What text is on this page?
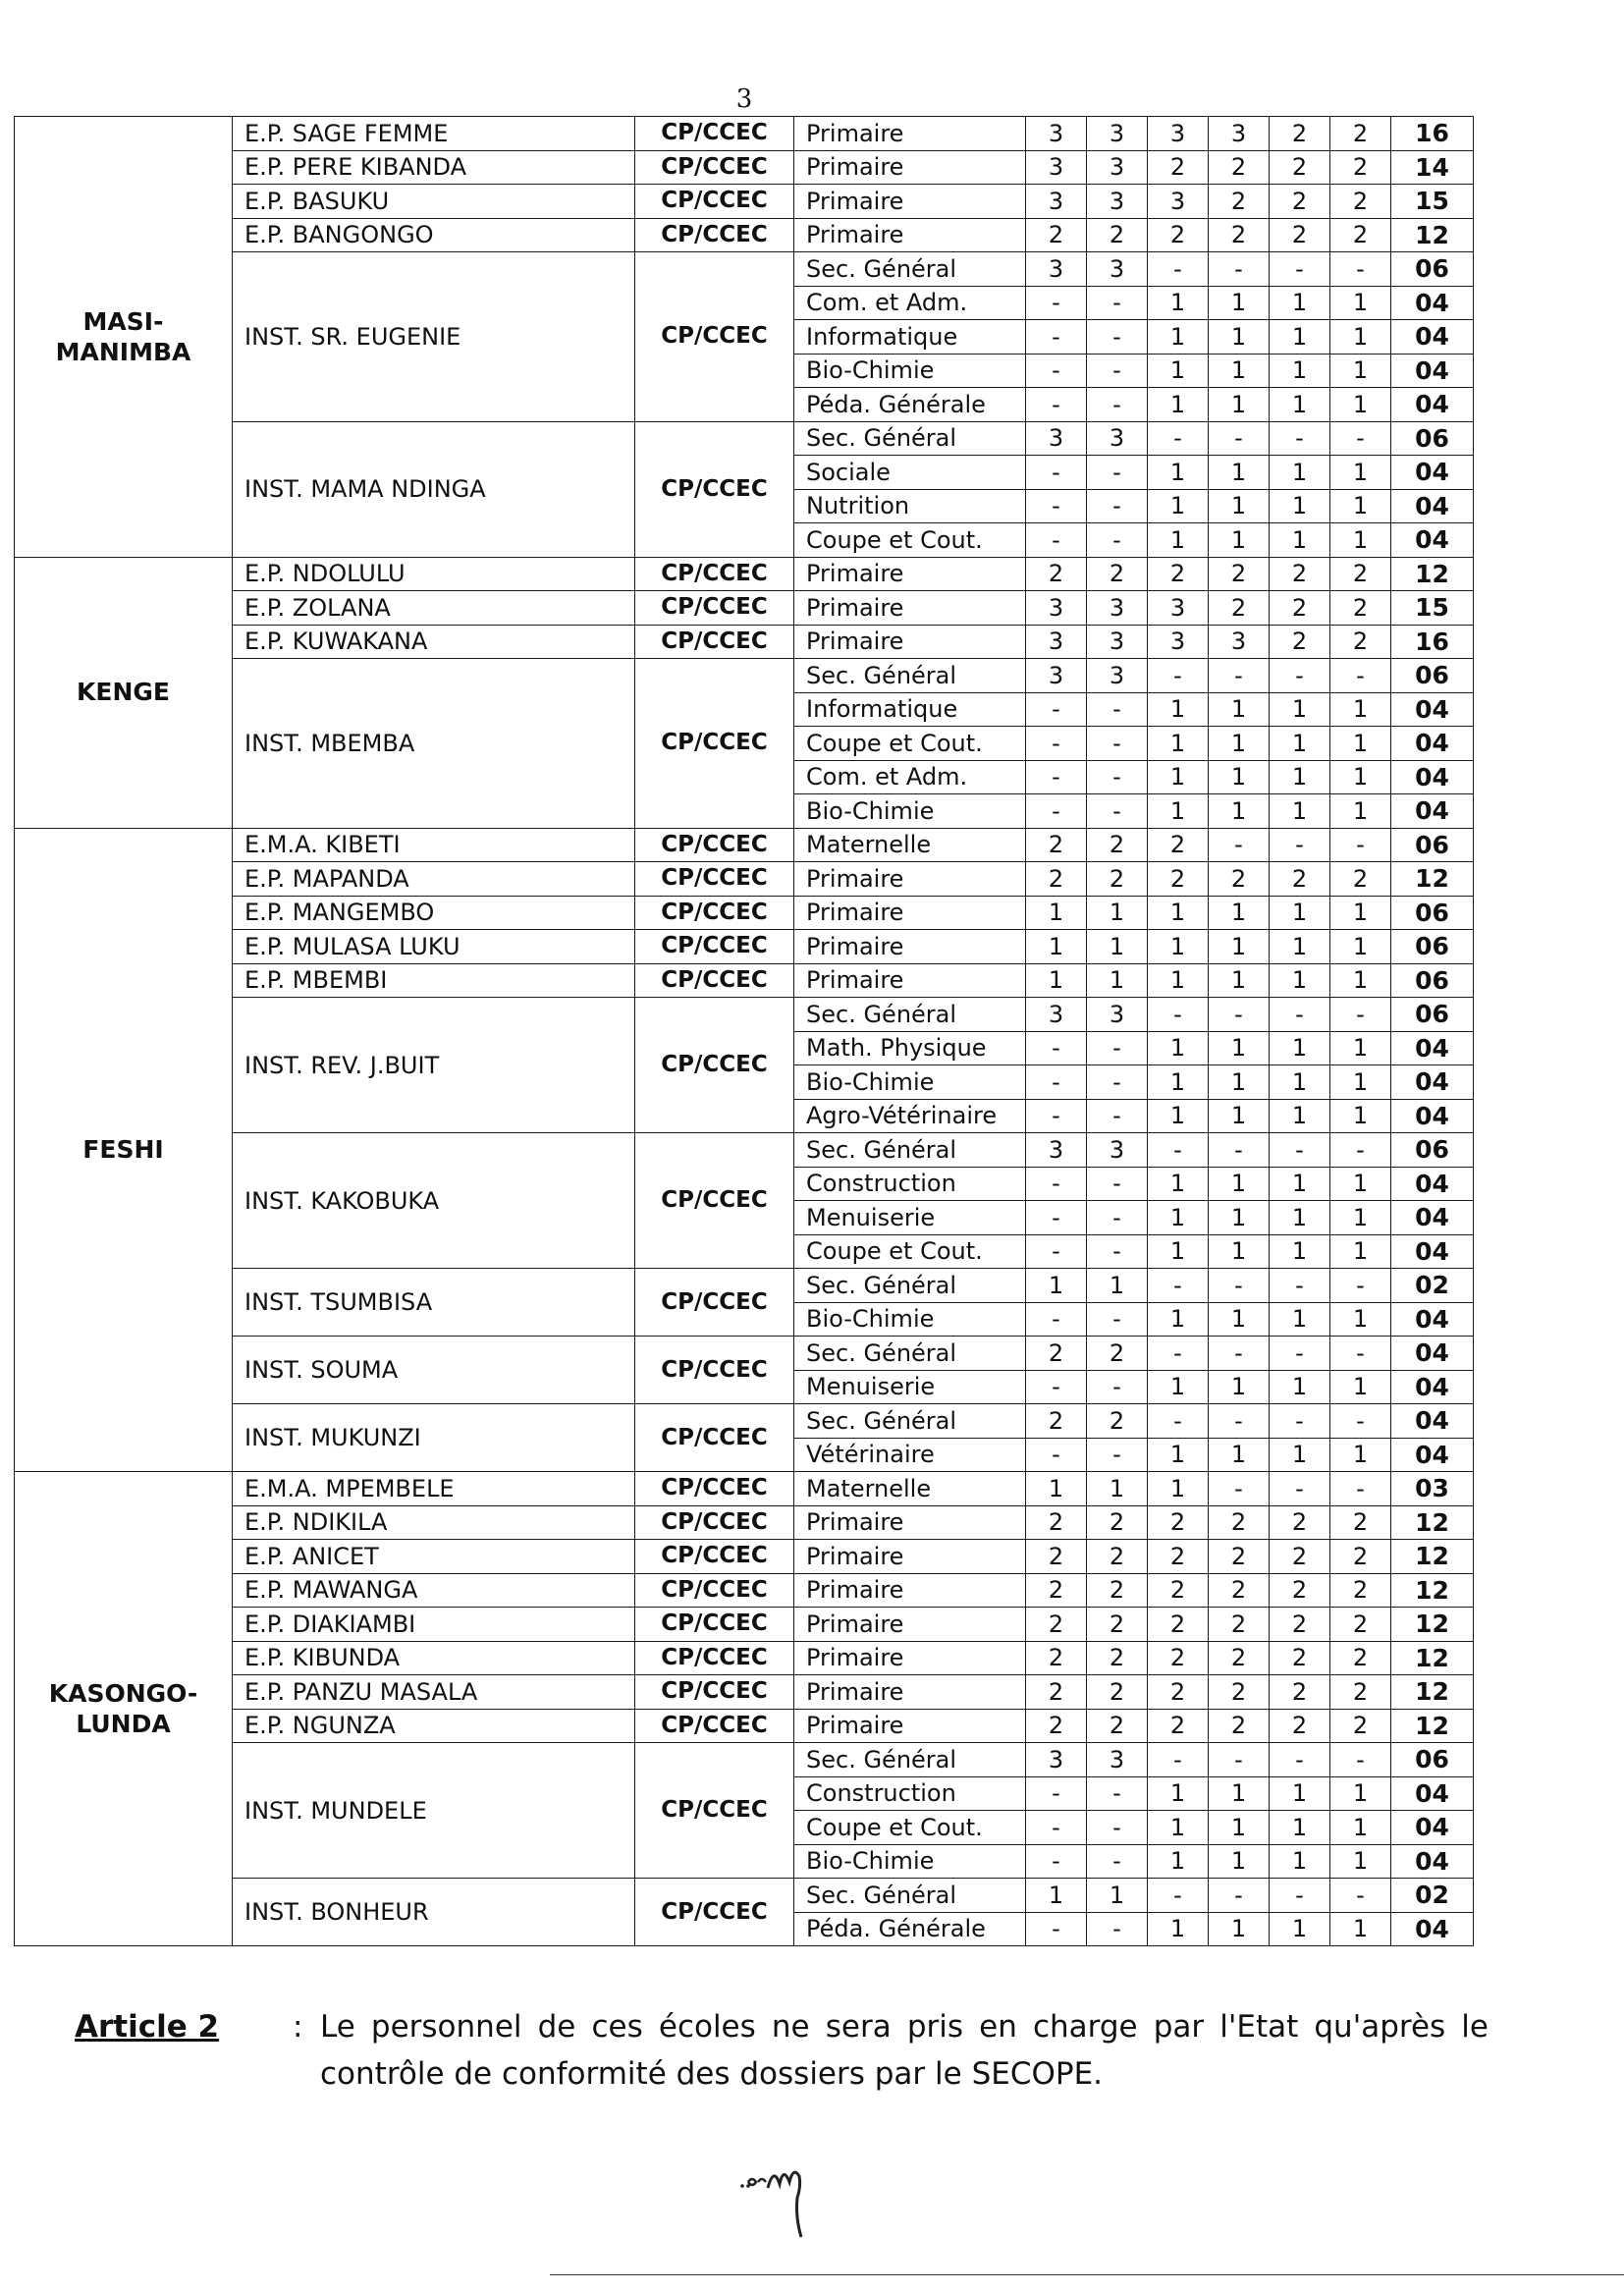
3
MASI-
MANIMBA	E.P. SAGE FEMME	CP/CCEC	Primaire	3	3	3	3	2	2	16
	E.P. PERE KIBANDA	CP/CCEC	Primaire	3	3	2	2	2	2	14
	E.P. BASUKU	CP/CCEC	Primaire	3	3	3	2	2	2	15
	E.P. BANGONGO	CP/CCEC	Primaire	2	2	2	2	2	2	12
	INST. SR. EUGENIE	CP/CCEC	Sec. Général	3	3	-	-	-	-	06
			Com. et Adm.	-	-	1	1	1	1	04
			Informatique	-	-	1	1	1	1	04
			Bio-Chimie	-	-	1	1	1	1	04
			Péda. Générale	-	-	1	1	1	1	04
	INST. MAMA NDINGA	CP/CCEC	Sec. Général	3	3	-	-	-	-	06
			Sociale	-	-	1	1	1	1	04
			Nutrition	-	-	1	1	1	1	04
			Coupe et Cout.	-	-	1	1	1	1	04
KENGE	E.P. NDOLULU	CP/CCEC	Primaire	2	2	2	2	2	2	12
	E.P. ZOLANA	CP/CCEC	Primaire	3	3	3	2	2	2	15
	E.P. KUWAKANA	CP/CCEC	Primaire	3	3	3	3	2	2	16
	INST. MBEMBA	CP/CCEC	Sec. Général	3	3	-	-	-	-	06
			Informatique	-	-	1	1	1	1	04
			Coupe et Cout.	-	-	1	1	1	1	04
			Com. et Adm.	-	-	1	1	1	1	04
			Bio-Chimie	-	-	1	1	1	1	04
FESHI	E.M.A. KIBETI	CP/CCEC	Maternelle	2	2	2	-	-	-	06
	E.P. MAPANDA	CP/CCEC	Primaire	2	2	2	2	2	2	12
	E.P. MANGEMBO	CP/CCEC	Primaire	1	1	1	1	1	1	06
	E.P. MULASA LUKU	CP/CCEC	Primaire	1	1	1	1	1	1	06
	E.P. MBEMBI	CP/CCEC	Primaire	1	1	1	1	1	1	06
	INST. REV. J.BUIT	CP/CCEC	Sec. Général	3	3	-	-	-	-	06
			Math. Physique	-	-	1	1	1	1	04
			Bio-Chimie	-	-	1	1	1	1	04
			Agro-Vétérinaire	-	-	1	1	1	1	04
	INST. KAKOBUKA	CP/CCEC	Sec. Général	3	3	-	-	-	-	06
			Construction	-	-	1	1	1	1	04
			Menuiserie	-	-	1	1	1	1	04
			Coupe et Cout.	-	-	1	1	1	1	04
	INST. TSUMBISA	CP/CCEC	Sec. Général	1	1	-	-	-	-	02
			Bio-Chimie	-	-	1	1	1	1	04
	INST. SOUMA	CP/CCEC	Sec. Général	2	2	-	-	-	-	04
			Menuiserie	-	-	1	1	1	1	04
	INST. MUKUNZI	CP/CCEC	Sec. Général	2	2	-	-	-	-	04
			Vétérinaire	-	-	1	1	1	1	04
KASONGO-
LUNDA	E.M.A. MPEMBELE	CP/CCEC	Maternelle	1	1	1	-	-	-	03
	E.P. NDIKILA	CP/CCEC	Primaire	2	2	2	2	2	2	12
	E.P. ANICET	CP/CCEC	Primaire	2	2	2	2	2	2	12
	E.P. MAWANGA	CP/CCEC	Primaire	2	2	2	2	2	2	12
	E.P. DIAKIAMBI	CP/CCEC	Primaire	2	2	2	2	2	2	12
	E.P. KIBUNDA	CP/CCEC	Primaire	2	2	2	2	2	2	12
	E.P. PANZU MASALA	CP/CCEC	Primaire	2	2	2	2	2	2	12
	E.P. NGUNZA	CP/CCEC	Primaire	2	2	2	2	2	2	12
	INST. MUNDELE	CP/CCEC	Sec. Général	3	3	-	-	-	-	06
			Construction	-	-	1	1	1	1	04
			Coupe et Cout.	-	-	1	1	1	1	04
			Bio-Chimie	-	-	1	1	1	1	04
	INST. BONHEUR	CP/CCEC	Sec. Général	1	1	-	-	-	-	02
			Péda. Générale	-	-	1	1	1	1	04
Article 2 : Le personnel de ces écoles ne sera pris en charge par l'Etat qu'après le contrôle de conformité des dossiers par le SECOPE.
